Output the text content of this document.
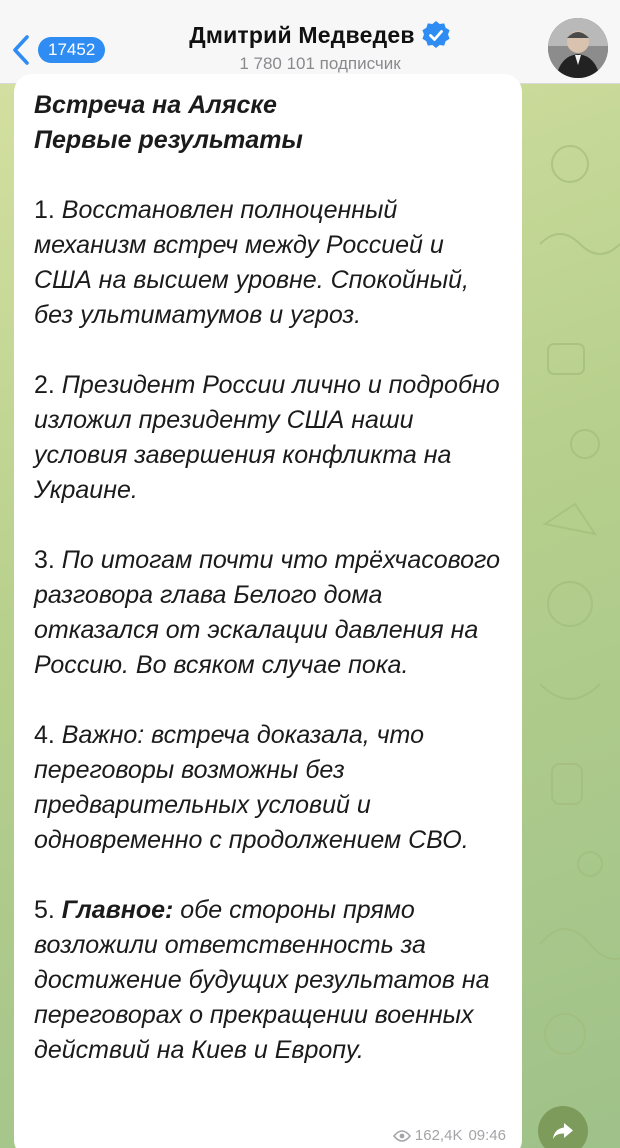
17452
Дмитрий Медведев
1 780 101 подписчик

Встреча на Аляске
Первые результаты

1. Восстановлен полноценный механизм встреч между Россией и США на высшем уровне. Спокойный, без ультиматумов и угроз.

2. Президент России лично и подробно изложил президенту США наши условия завершения конфликта на Украине.

3. По итогам почти что трёхчасового разговора глава Белого дома отказался от эскалации давления на Россию. Во всяком случае пока.

4. Важно: встреча доказала, что переговоры возможны без предварительных условий и одновременно с продолжением СВО.

5. Главное: обе стороны прямо возложили ответственность за достижение будущих результатов на переговорах о прекращении военных действий на Киев и Европу.

162,4K 09:46
